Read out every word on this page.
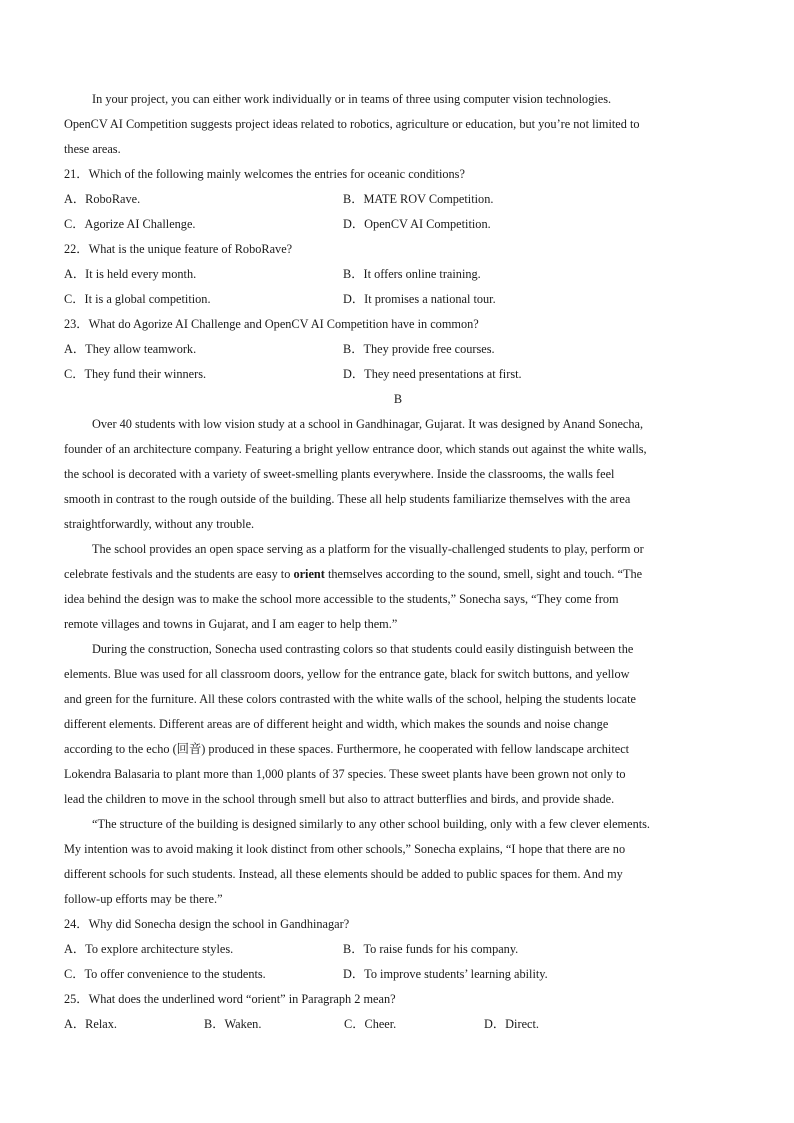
In your project, you can either work individually or in teams of three using computer vision technologies.
OpenCV AI Competition suggests project ideas related to robotics, agriculture or education, but you’re not limited to
these areas.
21．Which of the following mainly welcomes the entries for oceanic conditions?
A．RoboRave.	B．MATE ROV Competition.
C．Agorize AI Challenge.	D．OpenCV AI Competition.
22．What is the unique feature of RoboRave?
A．It is held every month.	B．It offers online training.
C．It is a global competition.	D．It promises a national tour.
23．What do Agorize AI Challenge and OpenCV AI Competition have in common?
A．They allow teamwork.	B．They provide free courses.
C．They fund their winners.	D．They need presentations at first.
B
Over 40 students with low vision study at a school in Gandhinagar, Gujarat. It was designed by Anand Sonecha,
founder of an architecture company. Featuring a bright yellow entrance door, which stands out against the white walls,
the school is decorated with a variety of sweet-smelling plants everywhere. Inside the classrooms, the walls feel
smooth in contrast to the rough outside of the building. These all help students familiarize themselves with the area
straightforwardly, without any trouble.
The school provides an open space serving as a platform for the visually-challenged students to play, perform or
celebrate festivals and the students are easy to orient themselves according to the sound, smell, sight and touch. “The
idea behind the design was to make the school more accessible to the students,” Sonecha says, “They come from
remote villages and towns in Gujarat, and I am eager to help them.”
During the construction, Sonecha used contrasting colors so that students could easily distinguish between the
elements. Blue was used for all classroom doors, yellow for the entrance gate, black for switch buttons, and yellow
and green for the furniture. All these colors contrasted with the white walls of the school, helping the students locate
different elements. Different areas are of different height and width, which makes the sounds and noise change
according to the echo (回音) produced in these spaces. Furthermore, he cooperated with fellow landscape architect
Lokendra Balasaria to plant more than 1,000 plants of 37 species. These sweet plants have been grown not only to
lead the children to move in the school through smell but also to attract butterflies and birds, and provide shade.
“The structure of the building is designed similarly to any other school building, only with a few clever elements.
My intention was to avoid making it look distinct from other schools,” Sonecha explains, “I hope that there are no
different schools for such students. Instead, all these elements should be added to public spaces for them. And my
follow-up efforts may be there.”
24．Why did Sonecha design the school in Gandhinagar?
A．To explore architecture styles.	B．To raise funds for his company.
C．To offer convenience to the students.	D．To improve students’ learning ability.
25．What does the underlined word “orient” in Paragraph 2 mean?
A．Relax.	B．Waken.	C．Cheer.	D．Direct.
